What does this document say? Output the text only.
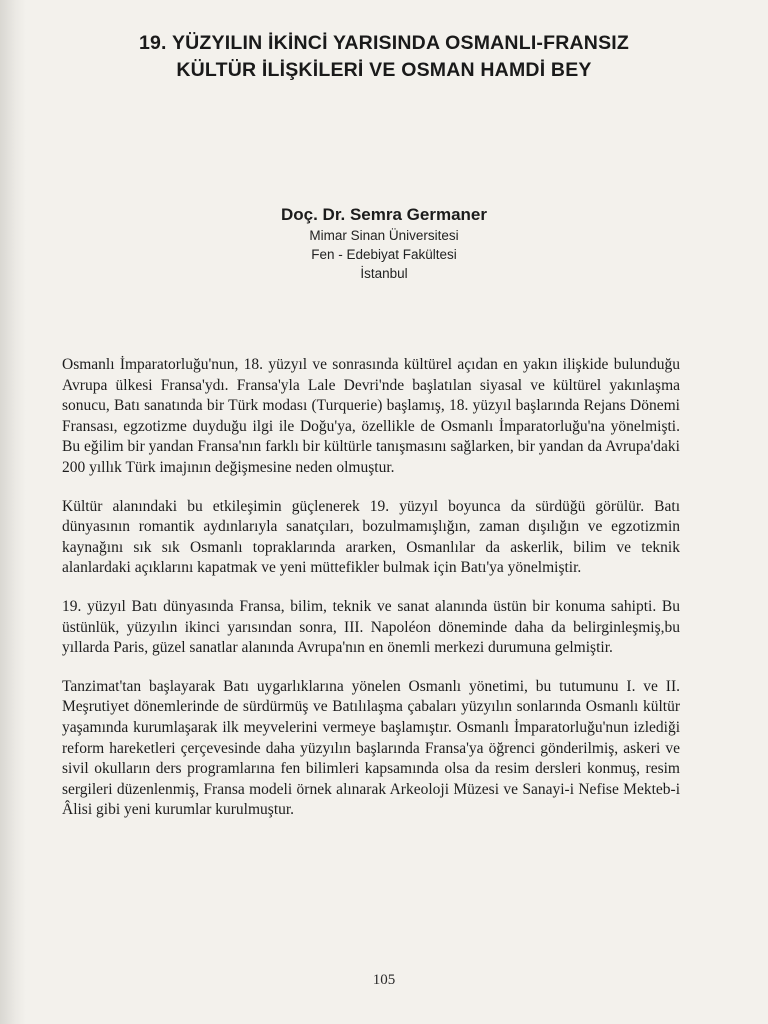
19. YÜZYILIN İKİNCİ YARISINDA OSMANLI-FRANSIZ
KÜLTÜR İLİŞKİLERİ VE OSMAN HAMDİ BEY
Doç. Dr. Semra Germaner
Mimar Sinan Üniversitesi
Fen - Edebiyat Fakültesi
İstanbul

Osmanlı İmparatorluğu'nun, 18. yüzyıl ve sonrasında kültürel açıdan en yakın ilişkide bulunduğu Avrupa ülkesi Fransa'ydı. Fransa'yla Lale Devri'nde başlatılan siyasal ve kültürel yakınlaşma sonucu, Batı sanatında bir Türk modası (Turquerie) başlamış, 18. yüzyıl başlarında Rejans Dönemi Fransası, egzotizme duyduğu ilgi ile Doğu'ya, özellikle de Osmanlı İmparatorluğu'na yönelmişti. Bu eğilim bir yandan Fransa'nın farklı bir kültürle tanışmasını sağlarken, bir yandan da Avrupa'daki 200 yıllık Türk imajının değişmesine neden olmuştur.

Kültür alanındaki bu etkileşimin güçlenerek 19. yüzyıl boyunca da sürdüğü görülür. Batı dünyasının romantik aydınlarıyla sanatçıları, bozulmamışlığın, zaman dışılığın ve egzotizmin kaynağını sık sık Osmanlı topraklarında ararken, Osmanlılar da askerlik, bilim ve teknik alanlardaki açıklarını kapatmak ve yeni müttefikler bulmak için Batı'ya yönelmiştir.

19. yüzyıl Batı dünyasında Fransa, bilim, teknik ve sanat alanında üstün bir konuma sahipti. Bu üstünlük, yüzyılın ikinci yarısından sonra, III. Napoléon döneminde daha da belirginleşmiş,bu yıllarda Paris, güzel sanatlar alanında Avrupa'nın en önemli merkezi durumuna gelmiştir.

Tanzimat'tan başlayarak Batı uygarlıklarına yönelen Osmanlı yönetimi, bu tutumunu I. ve II. Meşrutiyet dönemlerinde de sürdürmüş ve Batılılaşma çabaları yüzyılın sonlarında Osmanlı kültür yaşamında kurumlaşarak ilk meyvelerini vermeye başlamıştır. Osmanlı İmparatorluğu'nun izlediği reform hareketleri çerçevesinde daha yüzyılın başlarında Fransa'ya öğrenci gönderilmiş, askeri ve sivil okulların ders programlarına fen bilimleri kapsamında olsa da resim dersleri konmuş, resim sergileri düzenlenmiş, Fransa modeli örnek alınarak Arkeoloji Müzesi ve Sanayi-i Nefise Mekteb-i Âlisi gibi yeni kurumlar kurulmuştur.

105
